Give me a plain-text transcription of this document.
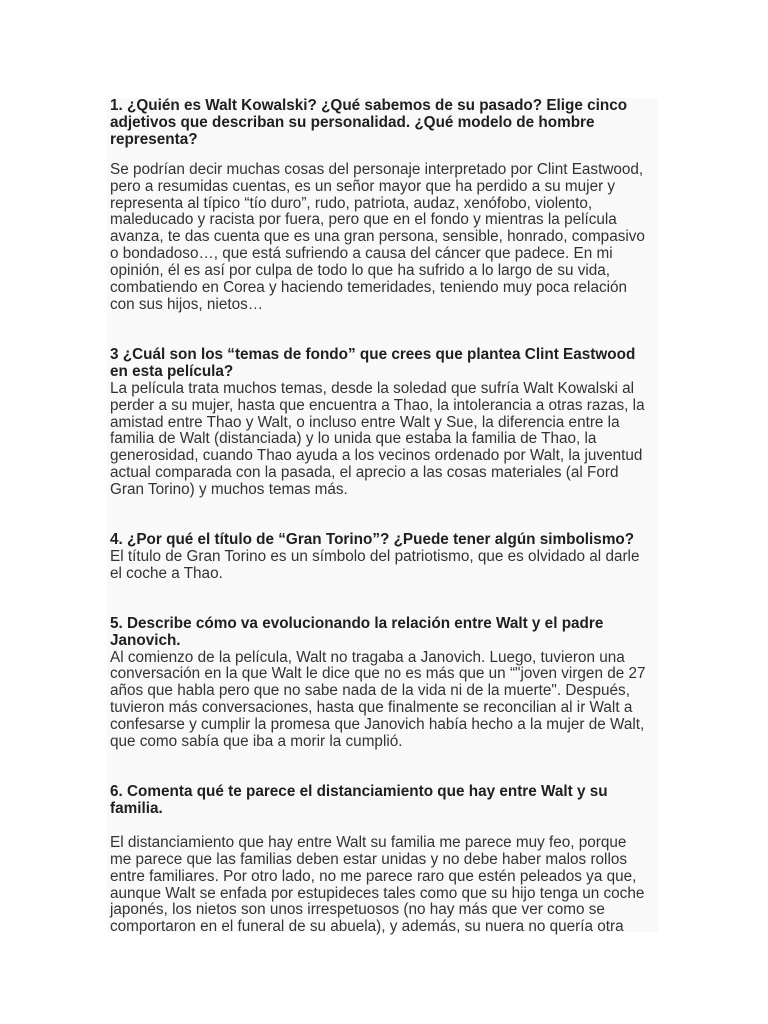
1. ¿Quién es Walt Kowalski? ¿Qué sabemos de su pasado? Elige cinco
adjetivos que describan su personalidad. ¿Qué modelo de hombre
representa?

Se podrían decir muchas cosas del personaje interpretado por Clint Eastwood,
pero a resumidas cuentas, es un señor mayor que ha perdido a su mujer y
representa al típico “tío duro”, rudo, patriota, audaz, xenófobo, violento,
maleducado y racista por fuera, pero que en el fondo y mientras la película
avanza, te das cuenta que es una gran persona, sensible, honrado, compasivo
o bondadoso…, que está sufriendo a causa del cáncer que padece. En mi
opinión, él es así por culpa de todo lo que ha sufrido a lo largo de su vida,
combatiendo en Corea y haciendo temeridades, teniendo muy poca relación
con sus hijos, nietos…

3 ¿Cuál son los “temas de fondo” que crees que plantea Clint Eastwood
en esta película?

La película trata muchos temas, desde la soledad que sufría Walt Kowalski al
perder a su mujer, hasta que encuentra a Thao, la intolerancia a otras razas, la
amistad entre Thao y Walt, o incluso entre Walt y Sue, la diferencia entre la
familia de Walt (distanciada) y lo unida que estaba la familia de Thao, la
generosidad, cuando Thao ayuda a los vecinos ordenado por Walt, la juventud
actual comparada con la pasada, el aprecio a las cosas materiales (al Ford
Gran Torino) y muchos temas más.

4. ¿Por qué el título de “Gran Torino”? ¿Puede tener algún simbolismo?

El título de Gran Torino es un símbolo del patriotismo, que es olvidado al darle
el coche a Thao.

5. Describe cómo va evolucionando la relación entre Walt y el padre
Janovich.

Al comienzo de la película, Walt no tragaba a Janovich. Luego, tuvieron una
conversación en la que Walt le dice que no es más que un “"joven virgen de 27
años que habla pero que no sabe nada de la vida ni de la muerte". Después,
tuvieron más conversaciones, hasta que finalmente se reconcilian al ir Walt a
confesarse y cumplir la promesa que Janovich había hecho a la mujer de Walt,
que como sabía que iba a morir la cumplió.

6. Comenta qué te parece el distanciamiento que hay entre Walt y su
familia.

El distanciamiento que hay entre Walt su familia me parece muy feo, porque
me parece que las familias deben estar unidas y no debe haber malos rollos
entre familiares. Por otro lado, no me parece raro que estén peleados ya que,
aunque Walt se enfada por estupideces tales como que su hijo tenga un coche
japonés, los nietos son unos irrespetuosos (no hay más que ver como se
comportaron en el funeral de su abuela), y además, su nuera no quería otra
